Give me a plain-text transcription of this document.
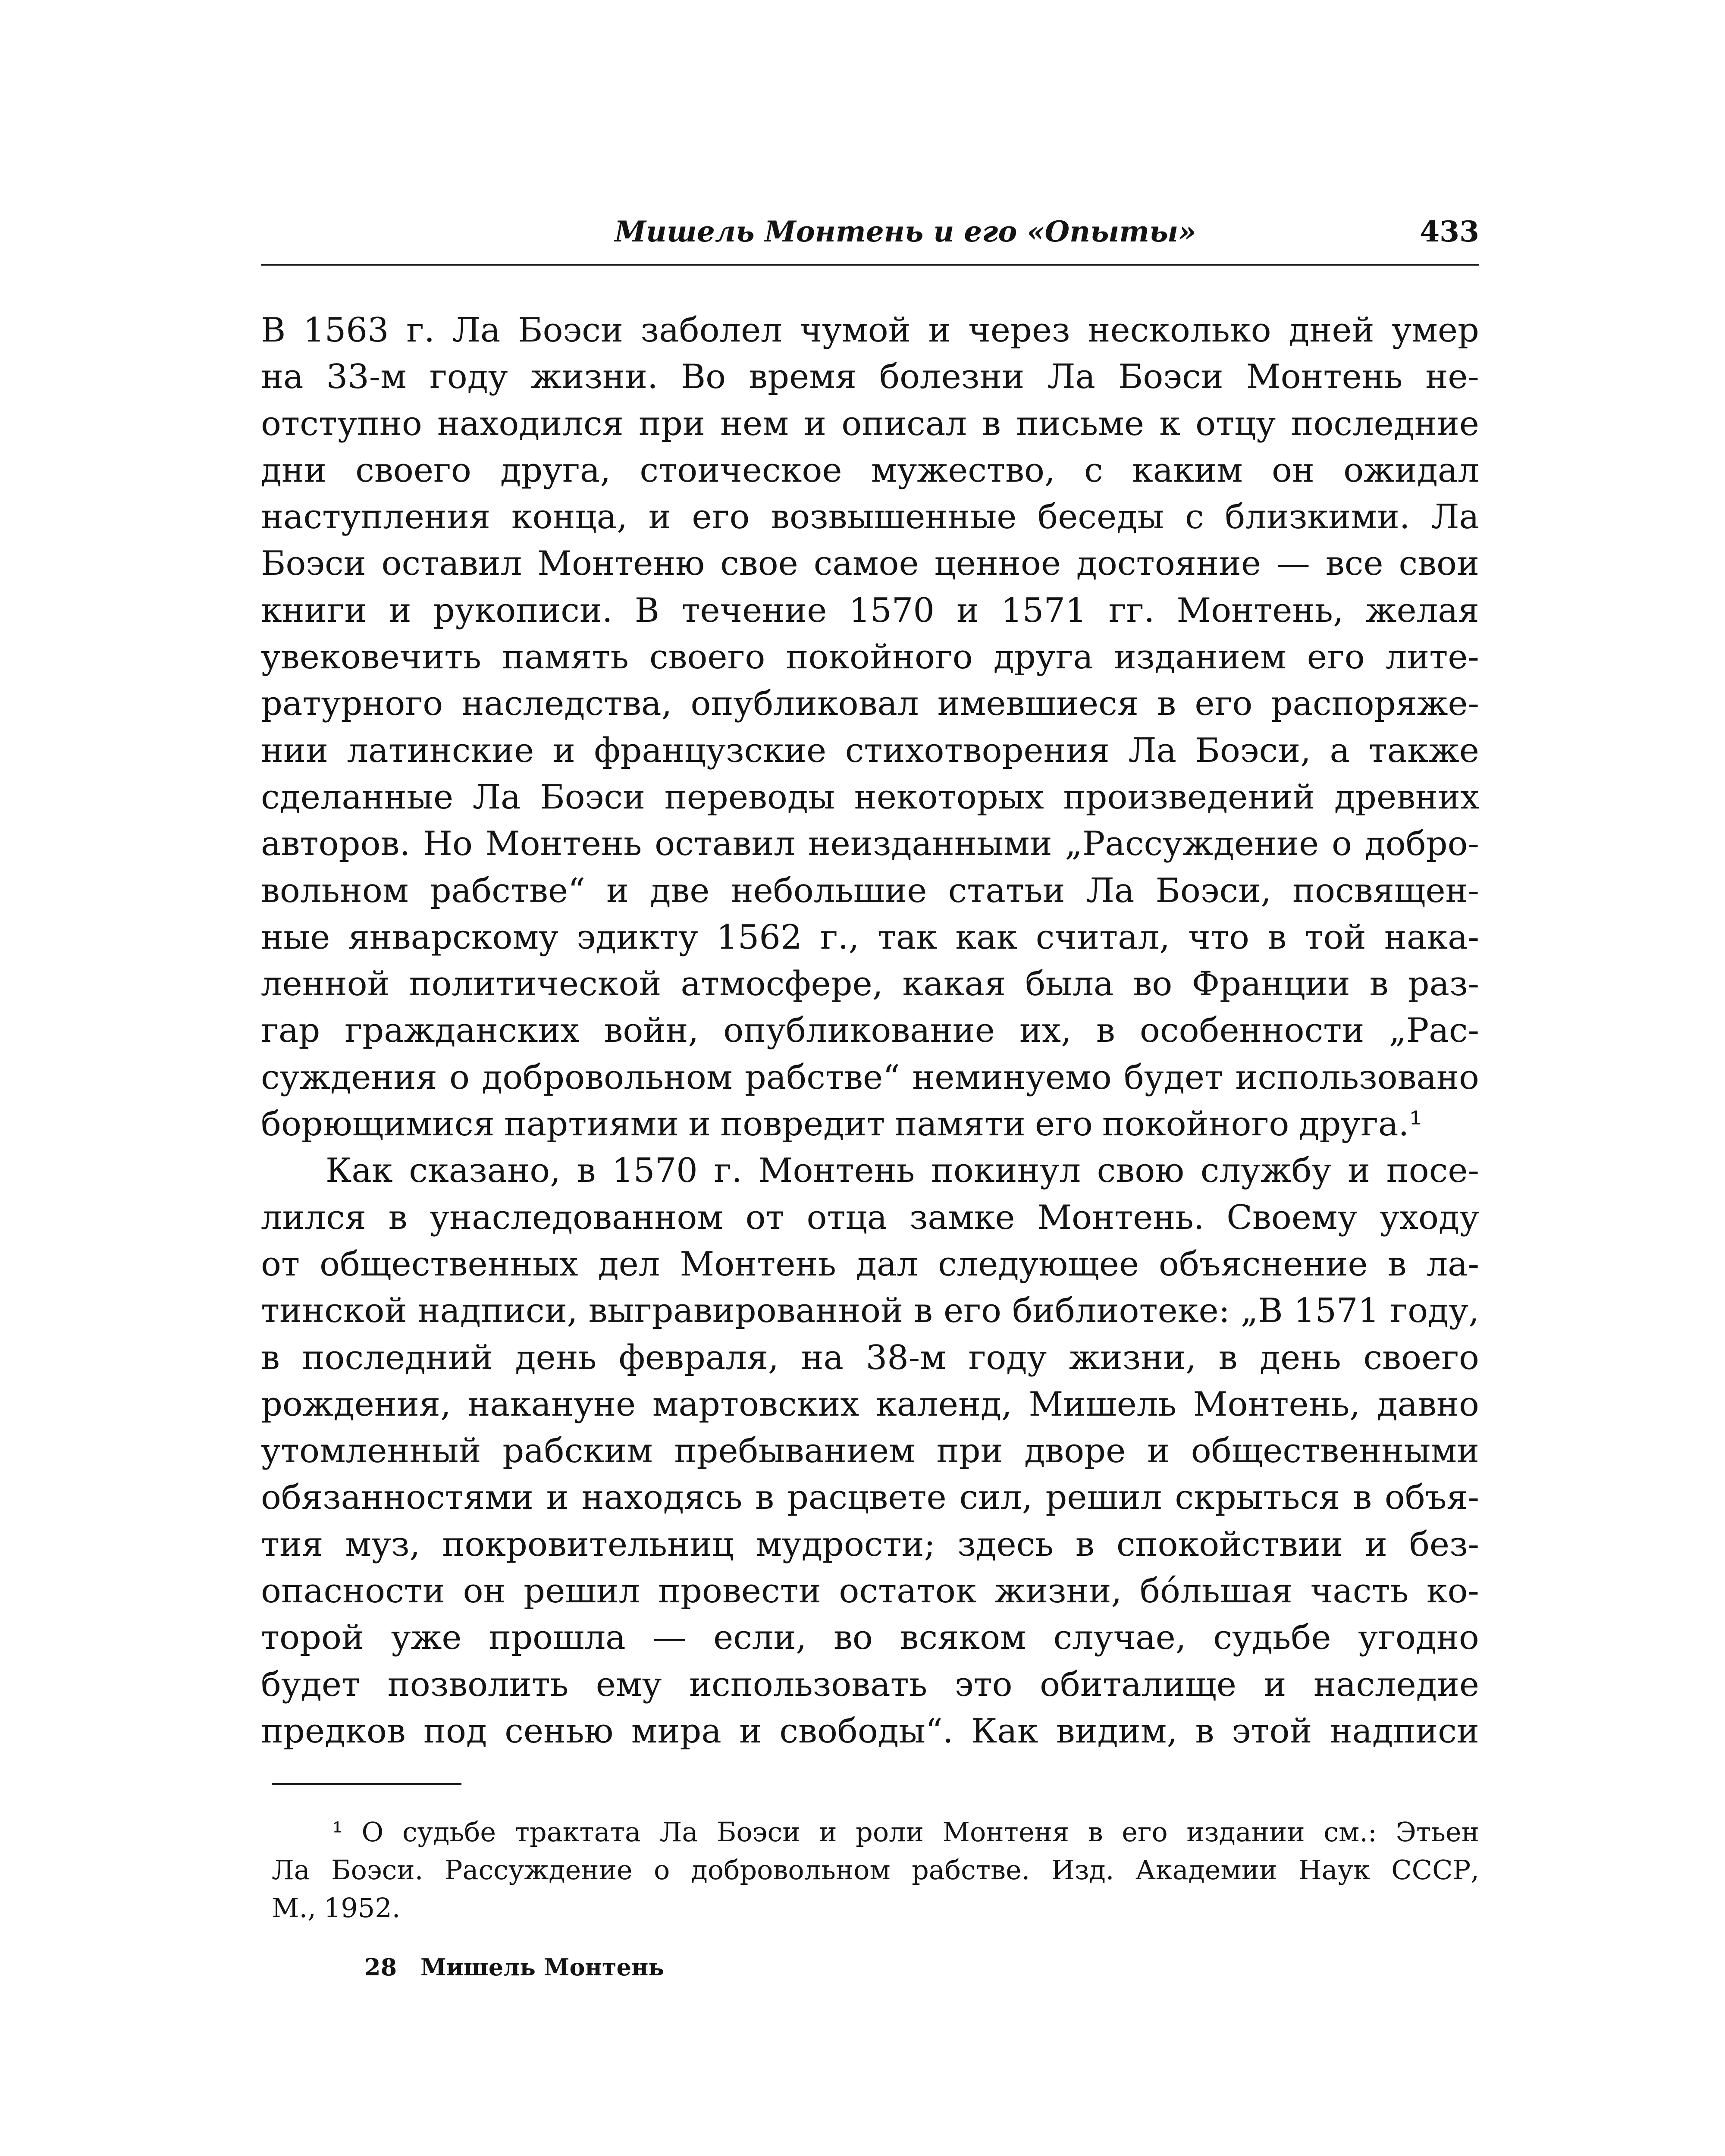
Мишель Монтень и его «Опыты»	433
В 1563 г. Ла Боэси заболел чумой и через несколько дней умер
на 33-м году жизни. Во время болезни Ла Боэси Монтень не-
отступно находился при нем и описал в письме к отцу последние
дни своего друга, стоическое мужество, с каким он ожидал
наступления конца, и его возвышенные беседы с близкими. Ла
Боэси оставил Монтеню свое самое ценное достояние — все свои
книги и рукописи. В течение 1570 и 1571 гг. Монтень, желая
увековечить память своего покойного друга изданием его лите-
ратурного наследства, опубликовал имевшиеся в его распоряже-
нии латинские и французские стихотворения Ла Боэси, а также
сделанные Ла Боэси переводы некоторых произведений древних
авторов. Но Монтень оставил неизданными „Рассуждение о добро-
вольном рабстве“ и две небольшие статьи Ла Боэси, посвящен-
ные январскому эдикту 1562 г., так как считал, что в той нака-
ленной политической атмосфере, какая была во Франции в раз-
гар гражданских войн, опубликование их, в особенности „Рас-
суждения о добровольном рабстве“ неминуемо будет использовано
борющимися партиями и повредит памяти его покойного друга.¹
Как сказано, в 1570 г. Монтень покинул свою службу и посе-
лился в унаследованном от отца замке Монтень. Своему уходу
от общественных дел Монтень дал следующее объяснение в ла-
тинской надписи, выгравированной в его библиотеке: „В 1571 году,
в последний день февраля, на 38-м году жизни, в день своего
рождения, накануне мартовских календ, Мишель Монтень, давно
утомленный рабским пребыванием при дворе и общественными
обязанностями и находясь в расцвете сил, решил скрыться в объя-
тия муз, покровительниц мудрости; здесь в спокойствии и без-
опасности он решил провести остаток жизни, бо́льшая часть ко-
торой уже прошла — если, во всяком случае, судьбе угодно
будет позволить ему использовать это обиталище и наследие
предков под сенью мира и свободы“. Как видим, в этой надписи
¹ О судьбе трактата Ла Боэси и роли Монтеня в его издании см.: Этьен
Ла Боэси. Рассуждение о добровольном рабстве. Изд. Академии Наук СССР,
М., 1952.
28 Мишель Монтень
